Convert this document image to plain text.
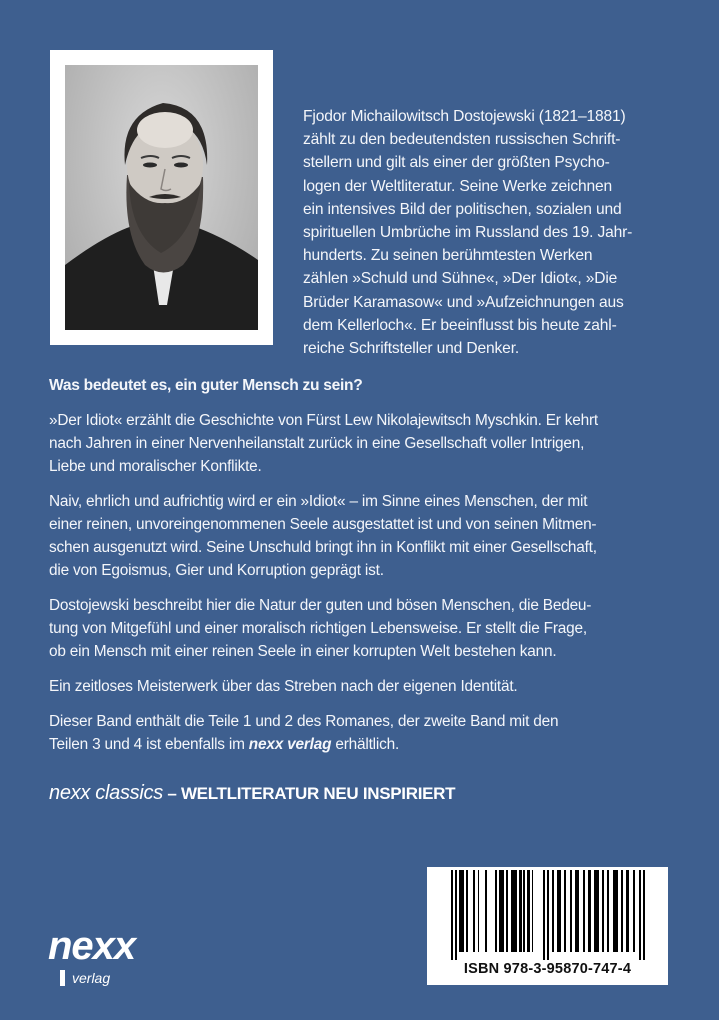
Fjodor Michailowitsch Dostojewski (1821–1881)
zählt zu den bedeutendsten russischen Schrift-
stellern und gilt als einer der größten Psycho-
logen der Weltliteratur. Seine Werke zeichnen
ein intensives Bild der politischen, sozialen und
spirituellen Umbrüche im Russland des 19. Jahr-
hunderts. Zu seinen berühmtesten Werken
zählen »Schuld und Sühne«, »Der Idiot«, »Die
Brüder Karamasow« und »Aufzeichnungen aus
dem Kellerloch«. Er beeinflusst bis heute zahl-
reiche Schriftsteller und Denker.
Was bedeutet es, ein guter Mensch zu sein?
»Der Idiot« erzählt die Geschichte von Fürst Lew Nikolajewitsch Myschkin. Er kehrt
nach Jahren in einer Nervenheilanstalt zurück in eine Gesellschaft voller Intrigen,
Liebe und moralischer Konflikte.
Naiv, ehrlich und aufrichtig wird er ein »Idiot« – im Sinne eines Menschen, der mit
einer reinen, unvoreingenommenen Seele ausgestattet ist und von seinen Mitmen-
schen ausgenutzt wird. Seine Unschuld bringt ihn in Konflikt mit einer Gesellschaft,
die von Egoismus, Gier und Korruption geprägt ist.
Dostojewski beschreibt hier die Natur der guten und bösen Menschen, die Bedeu-
tung von Mitgefühl und einer moralisch richtigen Lebensweise. Er stellt die Frage,
ob ein Mensch mit einer reinen Seele in einer korrupten Welt bestehen kann.
Ein zeitloses Meisterwerk über das Streben nach der eigenen Identität.
Dieser Band enthält die Teile 1 und 2 des Romanes, der zweite Band mit den
Teilen 3 und 4 ist ebenfalls im nexx verlag erhältlich.
nexx classics – WELTLITERATUR NEU INSPIRIERT
nexx
verlag
ISBN 978-3-95870-747-4
